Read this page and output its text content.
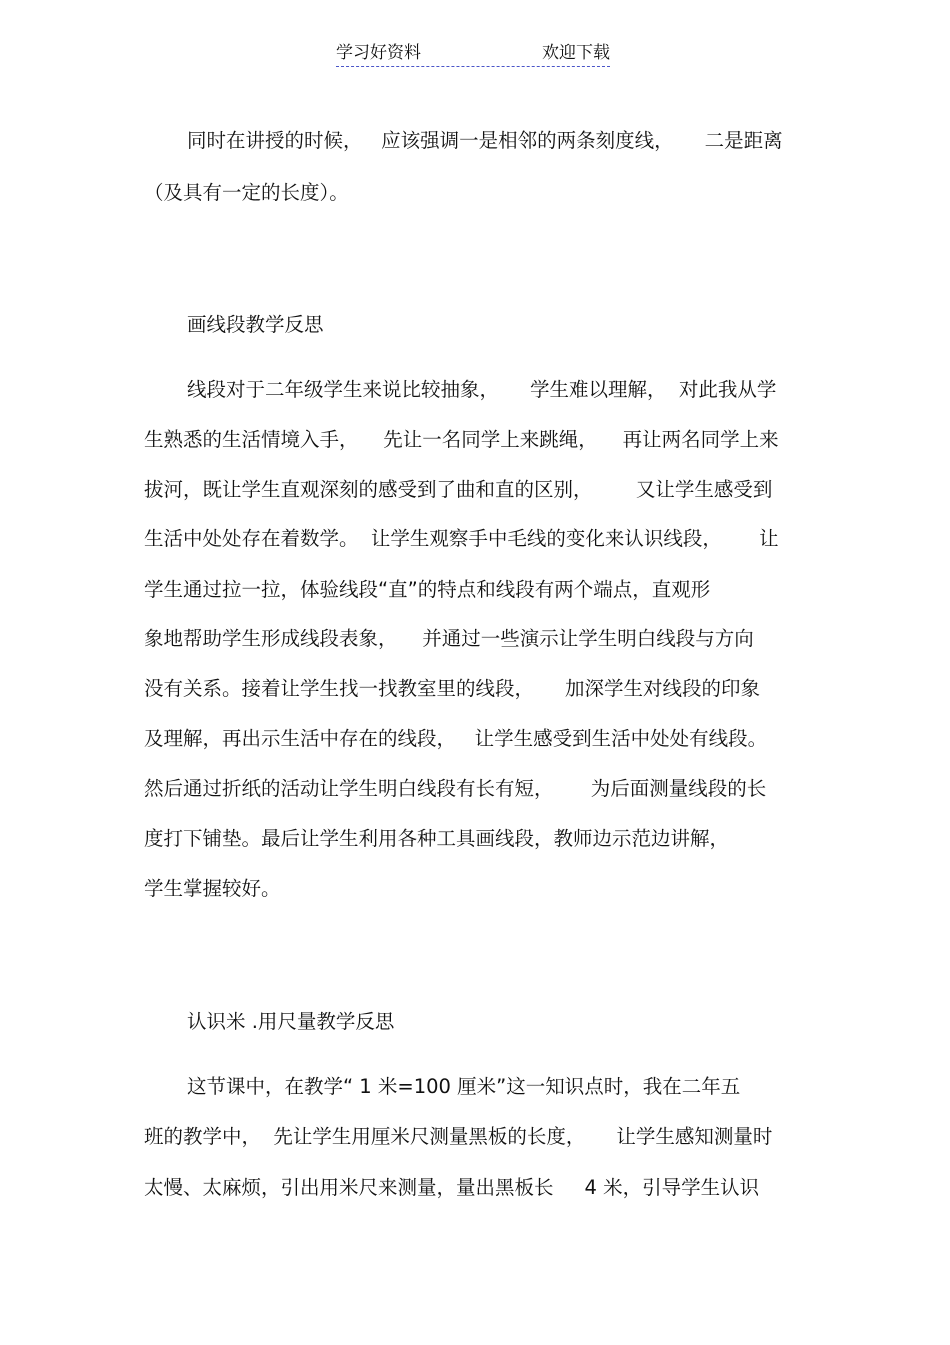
学习好资料	欢迎下载
同时在讲授的时候，   应该强调一是相邻的两条刻度线，     二是距离
（及具有一定的长度）。
画线段教学反思
线段对于二年级学生来说比较抽象，     学生难以理解，  对此我从学
生熟悉的生活情境入手，    先让一名同学上来跳绳，    再让两名同学上来
拔河，既让学生直观深刻的感受到了曲和直的区别，       又让学生感受到
生活中处处存在着数学。  让学生观察手中毛线的变化来认识线段，      让
学生通过拉一拉，体验线段“直”的特点和线段有两个端点，直观形
象地帮助学生形成线段表象，    并通过一些演示让学生明白线段与方向
没有关系。接着让学生找一找教室里的线段，     加深学生对线段的印象
及理解，再出示生活中存在的线段，   让学生感受到生活中处处有线段。
然后通过折纸的活动让学生明白线段有长有短，      为后面测量线段的长
度打下铺垫。最后让学生利用各种工具画线段，教师边示范边讲解，
学生掌握较好。
认识米 .用尺量教学反思
这节课中，在教学“ 1 米=100 厘米”这一知识点时，我在二年五
班的教学中，  先让学生用厘米尺测量黑板的长度，     让学生感知测量时
太慢、太麻烦，引出用米尺来测量，量出黑板长     4 米，引导学生认识
